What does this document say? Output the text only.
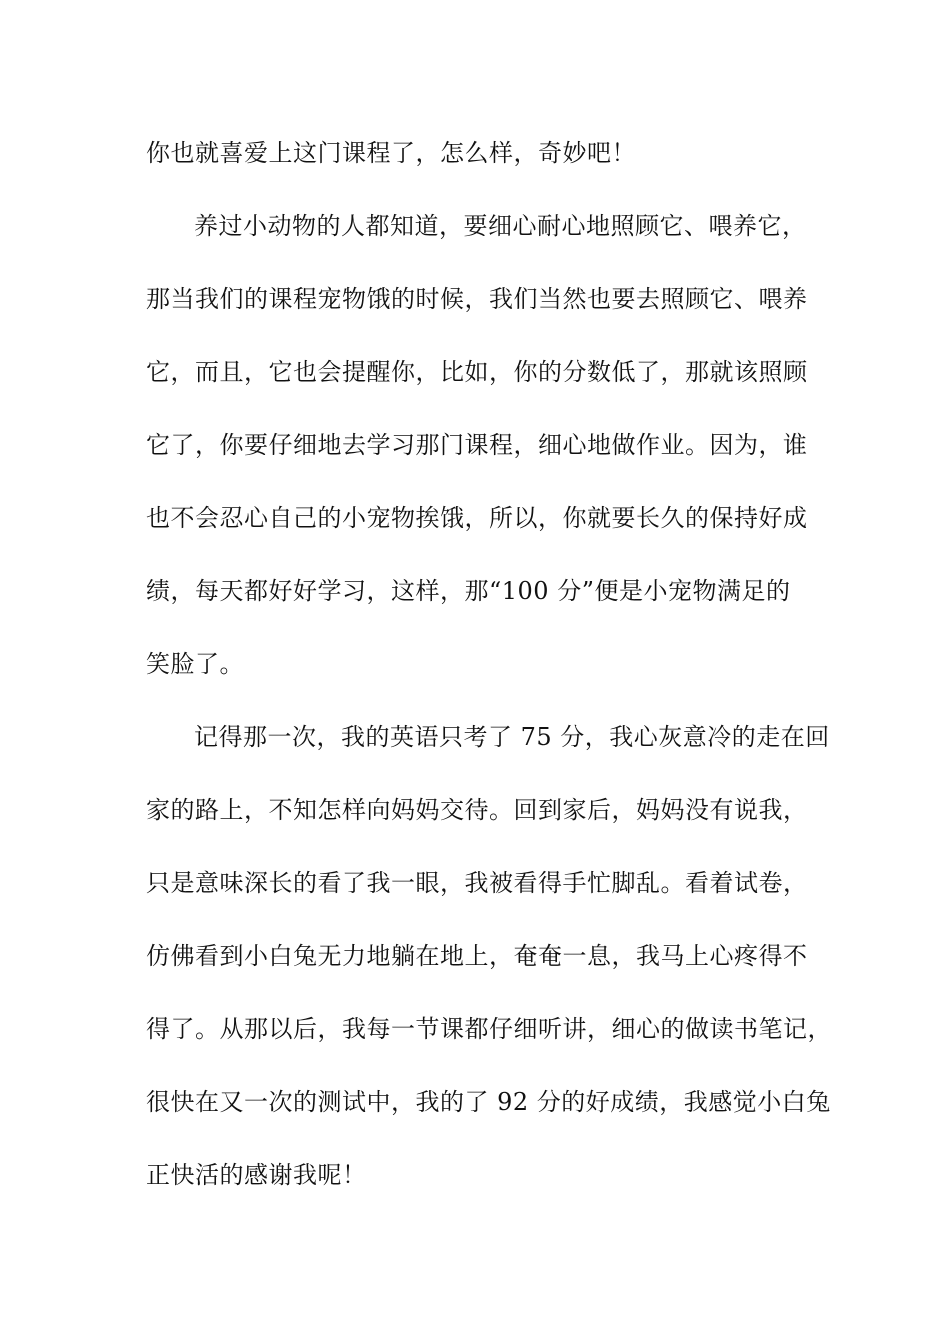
你也就喜爱上这门课程了，怎么样，奇妙吧！
养过小动物的人都知道，要细心耐心地照顾它、喂养它，
那当我们的课程宠物饿的时候，我们当然也要去照顾它、喂养
它，而且，它也会提醒你，比如，你的分数低了，那就该照顾
它了，你要仔细地去学习那门课程，细心地做作业。因为，谁
也不会忍心自己的小宠物挨饿，所以，你就要长久的保持好成
绩，每天都好好学习，这样，那“100 分”便是小宠物满足的
笑脸了。
记得那一次，我的英语只考了 75 分，我心灰意冷的走在回
家的路上，不知怎样向妈妈交待。回到家后，妈妈没有说我，
只是意味深长的看了我一眼，我被看得手忙脚乱。看着试卷，
仿佛看到小白兔无力地躺在地上，奄奄一息，我马上心疼得不
得了。从那以后，我每一节课都仔细听讲，细心的做读书笔记，
很快在又一次的测试中，我的了 92 分的好成绩，我感觉小白兔
正快活的感谢我呢！
